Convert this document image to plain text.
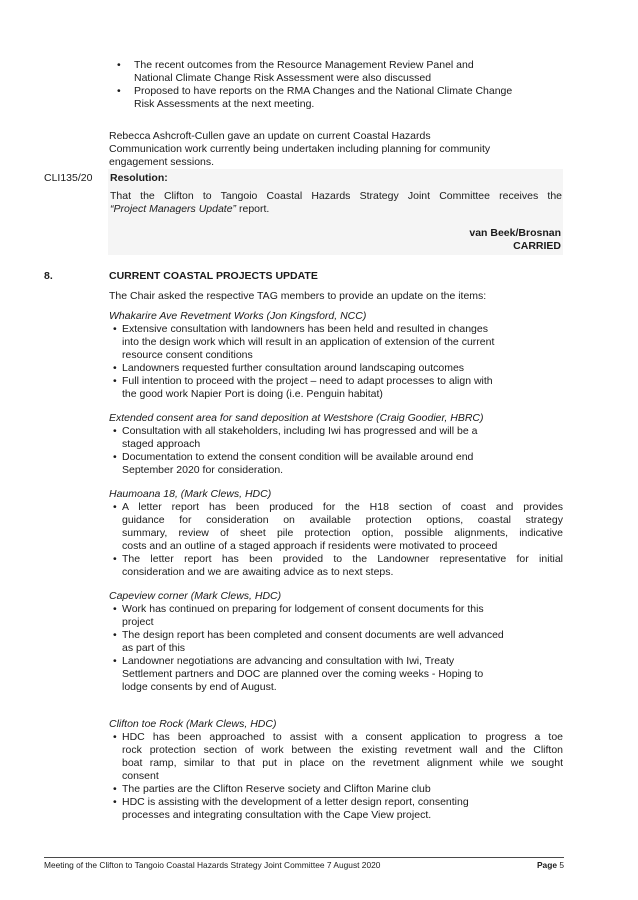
• The recent outcomes from the Resource Management Review Panel and
National Climate Change Risk Assessment were also discussed
• Proposed to have reports on the RMA Changes and the National Climate Change
Risk Assessments at the next meeting.
Rebecca Ashcroft-Cullen gave an update on current Coastal Hazards
Communication work currently being undertaken including planning for community
engagement sessions.
CLI135/20 Resolution:
That the Clifton to Tangoio Coastal Hazards Strategy Joint Committee receives the
“Project Managers Update” report.
van Beek/Brosnan
CARRIED
8.	CURRENT COASTAL PROJECTS UPDATE
The Chair asked the respective TAG members to provide an update on the items:
Whakarire Ave Revetment Works (Jon Kingsford, NCC)
• Extensive consultation with landowners has been held and resulted in changes
into the design work which will result in an application of extension of the current
resource consent conditions
• Landowners requested further consultation around landscaping outcomes
• Full intention to proceed with the project – need to adapt processes to align with
the good work Napier Port is doing (i.e. Penguin habitat)
Extended consent area for sand deposition at Westshore (Craig Goodier, HBRC)
• Consultation with all stakeholders, including Iwi has progressed and will be a
staged approach
• Documentation to extend the consent condition will be available around end
September 2020 for consideration.
Haumoana 18, (Mark Clews, HDC)
• A letter report has been produced for the H18 section of coast and provides
guidance for consideration on available protection options, coastal strategy
summary, review of sheet pile protection option, possible alignments, indicative
costs and an outline of a staged approach if residents were motivated to proceed
• The letter report has been provided to the Landowner representative for initial
consideration and we are awaiting advice as to next steps.
Capeview corner (Mark Clews, HDC)
• Work has continued on preparing for lodgement of consent documents for this
project
• The design report has been completed and consent documents are well advanced
as part of this
• Landowner negotiations are advancing and consultation with Iwi, Treaty
Settlement partners and DOC are planned over the coming weeks - Hoping to
lodge consents by end of August.
Clifton toe Rock (Mark Clews, HDC)
• HDC has been approached to assist with a consent application to progress a toe
rock protection section of work between the existing revetment wall and the Clifton
boat ramp, similar to that put in place on the revetment alignment while we sought
consent
• The parties are the Clifton Reserve society and Clifton Marine club
• HDC is assisting with the development of a letter design report, consenting
processes and integrating consultation with the Cape View project.
Meeting of the Clifton to Tangoio Coastal Hazards Strategy Joint Committee 7 August 2020	Page 5
